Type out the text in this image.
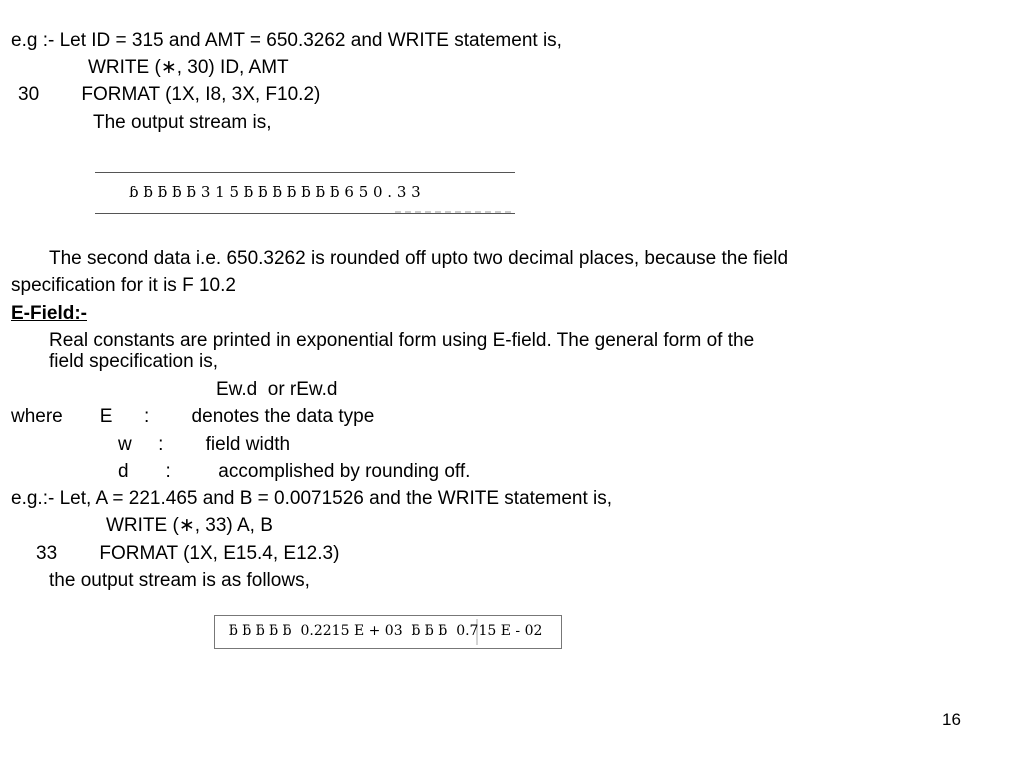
e.g :- Let ID = 315 and AMT = 650.3262 and WRITE statement is,
WRITE (∗, 30) ID, AMT
30        FORMAT (1X, I8, 3X, F10.2)
The output stream is,

ɓ ƃ ƃ ƃ ƃ 3 1 5 ƃ ƃ ƃ ƃ ƃ ƃ ƃ 6 5 0 . 3 3

The second data i.e. 650.3262 is rounded off upto two decimal places, because the field
specification for it is F 10.2
E-Field:-
Real constants are printed in exponential form using E-field. The general form of the
field specification is,
Ew.d  or rEw.d
where       E      :        denotes the data type
w     :        field width
d       :         accomplished by rounding off.
e.g.:- Let, A = 221.465 and B = 0.0071526 and the WRITE statement is,
WRITE (∗, 33) A, B
33        FORMAT (1X, E15.4, E12.3)
the output stream is as follows,

ƃ ƃ ƃ ƃ ƃ  0.2215 E + 03  ƃ ƃ ƃ  0.715 E - 02

16
